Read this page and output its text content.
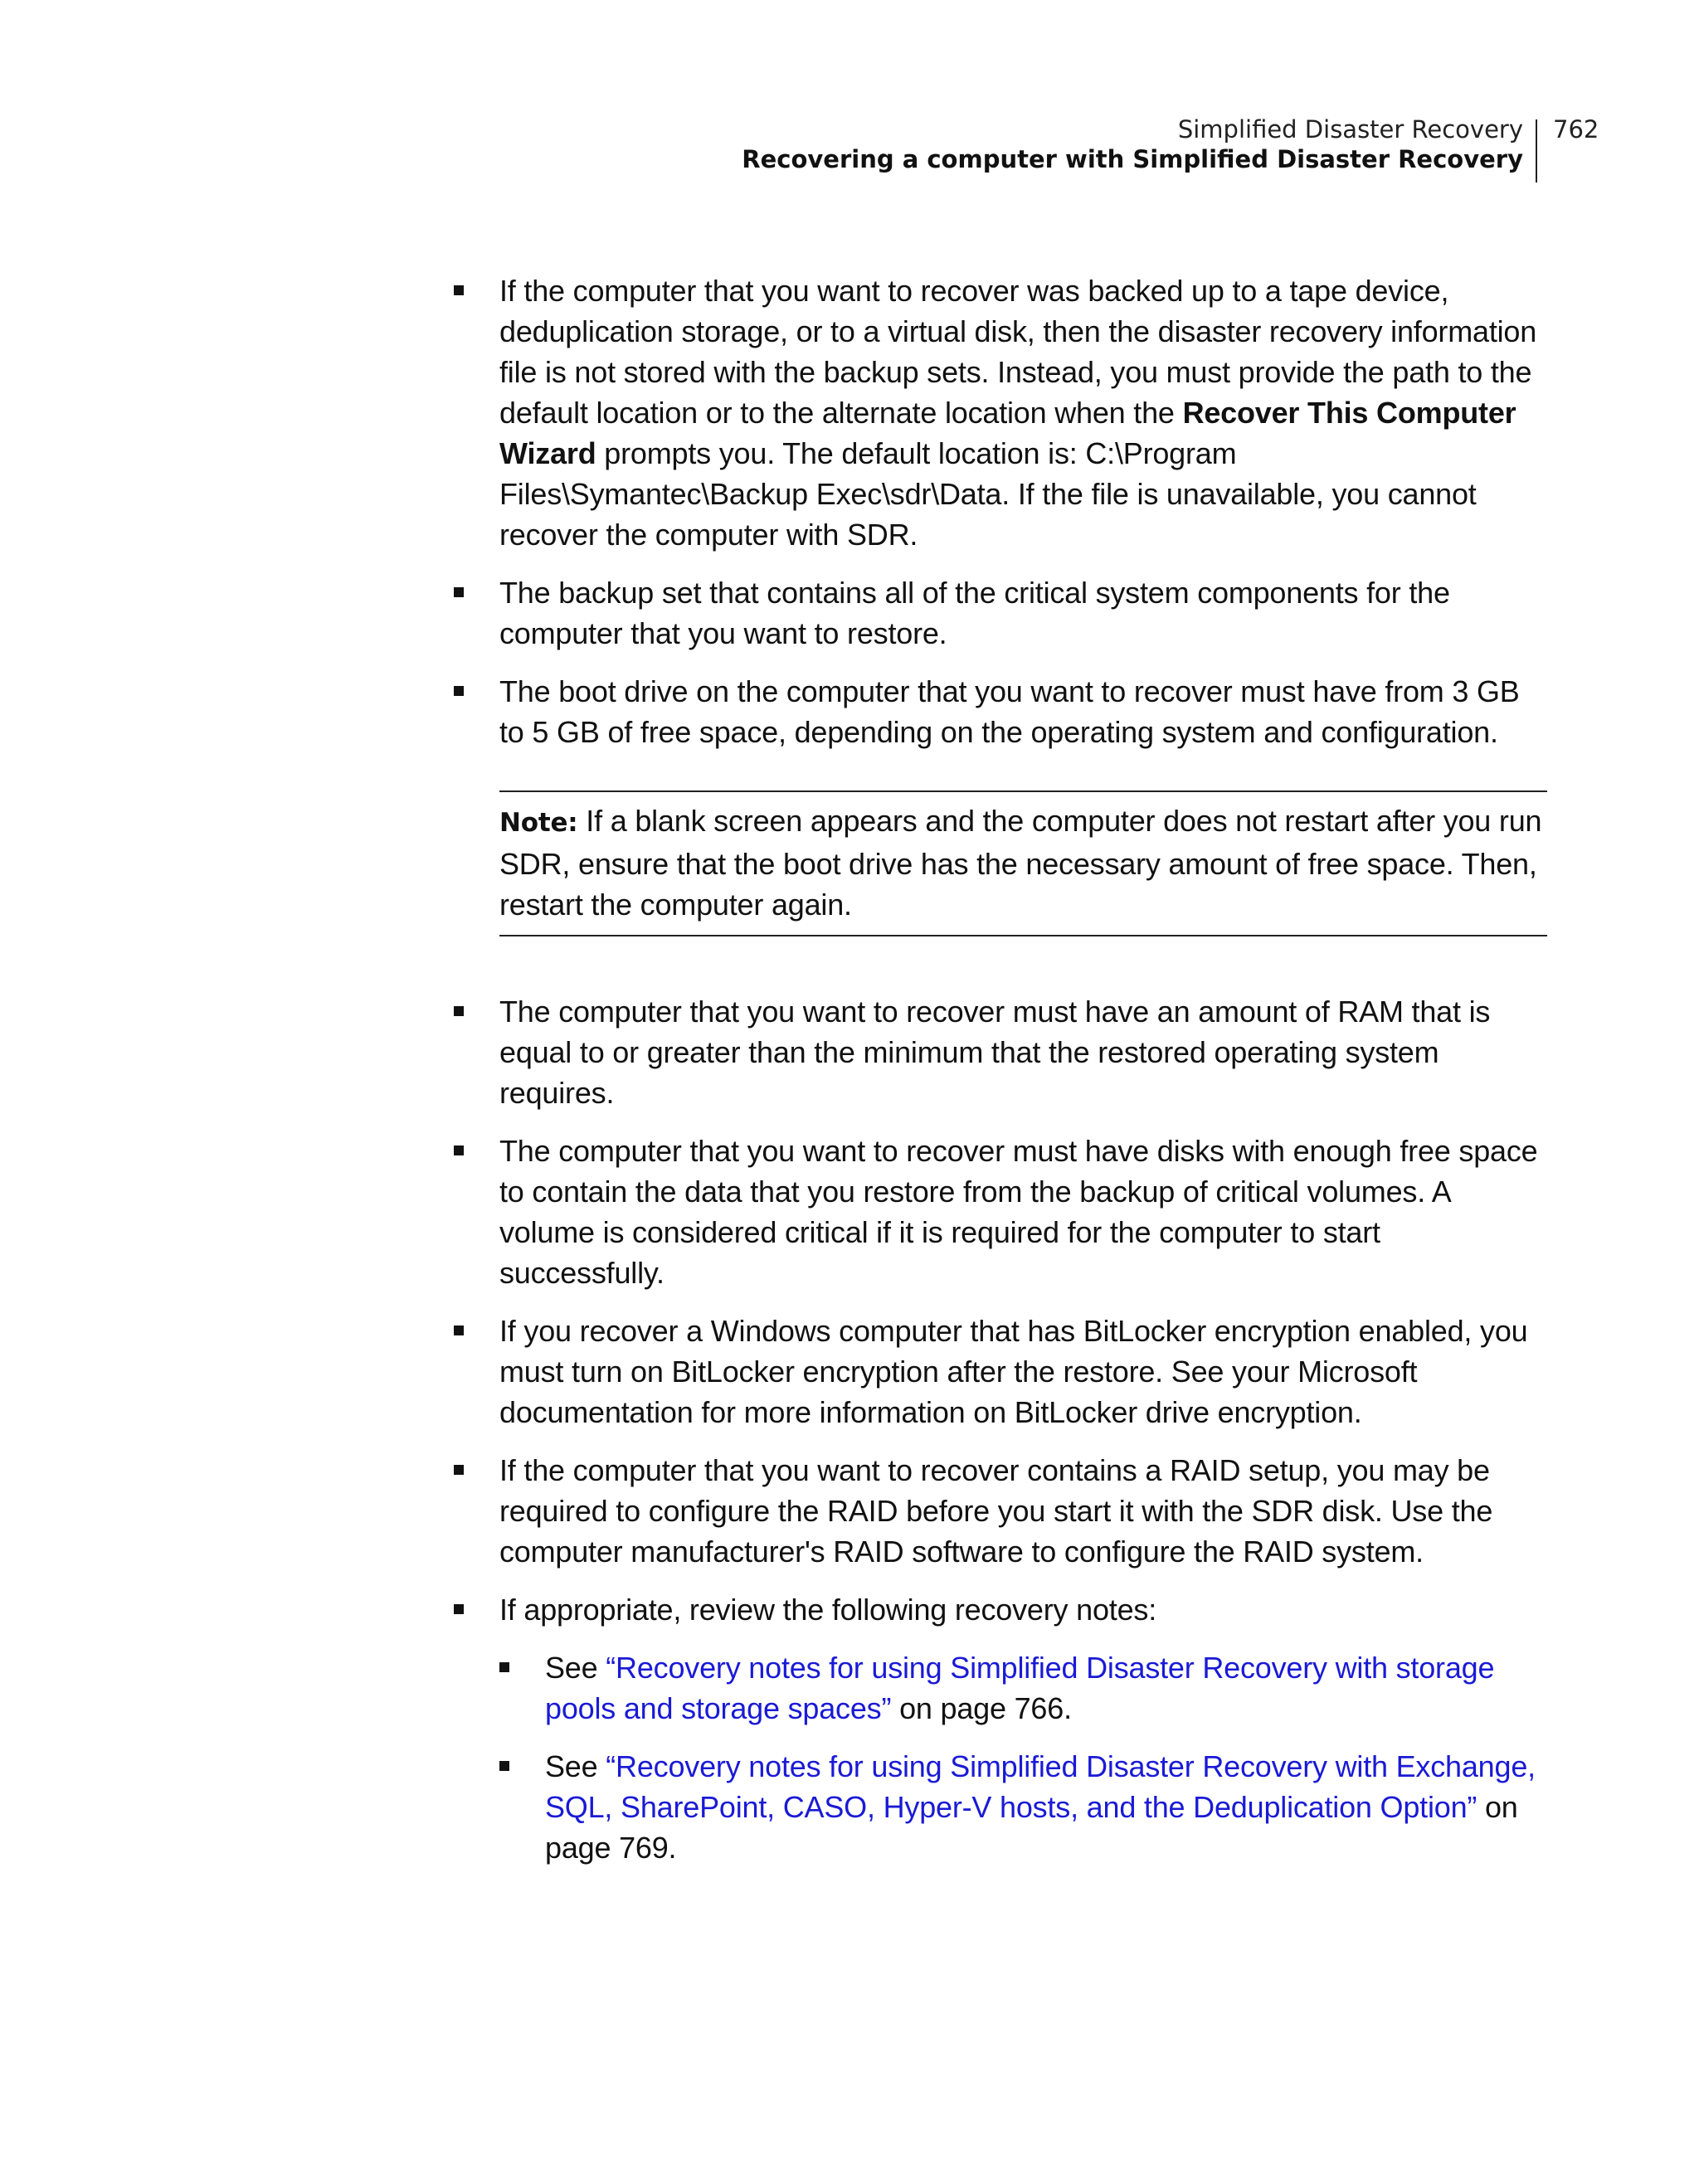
Simplified Disaster Recovery
Recovering a computer with Simplified Disaster Recovery
762
If the computer that you want to recover was backed up to a tape device, deduplication storage, or to a virtual disk, then the disaster recovery information file is not stored with the backup sets. Instead, you must provide the path to the default location or to the alternate location when the Recover This Computer Wizard prompts you. The default location is: C:\Program Files\Symantec\Backup Exec\sdr\Data. If the file is unavailable, you cannot recover the computer with SDR.
The backup set that contains all of the critical system components for the computer that you want to restore.
The boot drive on the computer that you want to recover must have from 3 GB to 5 GB of free space, depending on the operating system and configuration.
Note: If a blank screen appears and the computer does not restart after you run SDR, ensure that the boot drive has the necessary amount of free space. Then, restart the computer again.
The computer that you want to recover must have an amount of RAM that is equal to or greater than the minimum that the restored operating system requires.
The computer that you want to recover must have disks with enough free space to contain the data that you restore from the backup of critical volumes. A volume is considered critical if it is required for the computer to start successfully.
If you recover a Windows computer that has BitLocker encryption enabled, you must turn on BitLocker encryption after the restore. See your Microsoft documentation for more information on BitLocker drive encryption.
If the computer that you want to recover contains a RAID setup, you may be required to configure the RAID before you start it with the SDR disk. Use the computer manufacturer's RAID software to configure the RAID system.
If appropriate, review the following recovery notes:
See “Recovery notes for using Simplified Disaster Recovery with storage pools and storage spaces” on page 766.
See “Recovery notes for using Simplified Disaster Recovery with Exchange, SQL, SharePoint, CASO, Hyper-V hosts, and the Deduplication Option” on page 769.
